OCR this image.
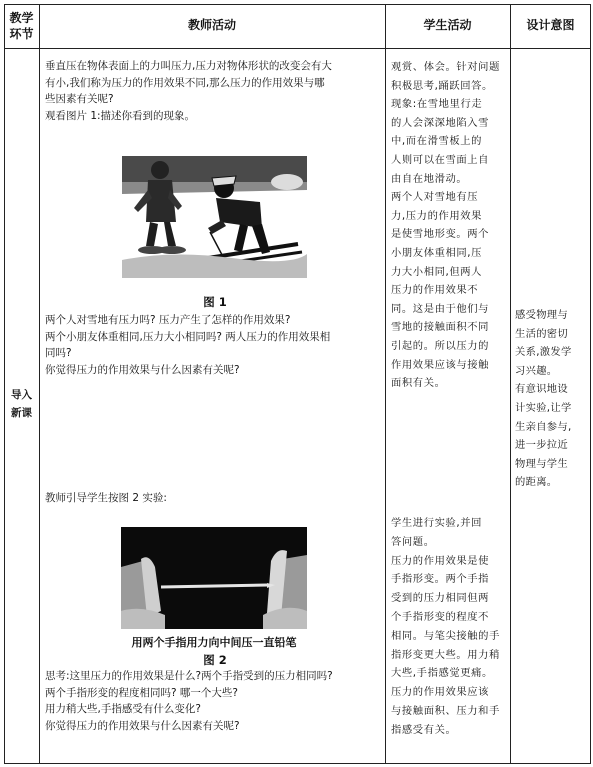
教学
环节
教师活动	学生活动	设计意图
导入
新课
垂直压在物体表面上的力叫压力,压力对物体形状的改变会有大
有小,我们称为压力的作用效果不同,那么压力的作用效果与哪
些因素有关呢?
观看图片 1:描述你看到的现象。
图 1
两个人对雪地有压力吗? 压力产生了怎样的作用效果?
两个小朋友体重相同,压力大小相同吗? 两人压力的作用效果相
同吗?
你觉得压力的作用效果与什么因素有关呢?
教师引导学生按图 2 实验:
用两个手指用力向中间压一直铅笔
图 2
思考:这里压力的作用效果是什么?两个手指受到的压力相同吗?
两个手指形变的程度相同吗? 哪一个大些?
用力稍大些,手指感受有什么变化?
你觉得压力的作用效果与什么因素有关呢?
观赏、体会。针对问题
积极思考,踊跃回答。
现象:在雪地里行走
的人会深深地陷入雪
中,而在滑雪板上的
人则可以在雪面上自
由自在地滑动。
两个人对雪地有压
力,压力的作用效果
是使雪地形变。两个
小朋友体重相同,压
力大小相同,但两人
压力的作用效果不
同。这是由于他们与
雪地的接触面积不同
引起的。所以压力的
作用效果应该与接触
面积有关。
学生进行实验,并回
答问题。
压力的作用效果是使
手指形变。两个手指
受到的压力相同但两
个手指形变的程度不
相同。与笔尖接触的手
指形变更大些。用力稍
大些,手指感觉更痛。
压力的作用效果应该
与接触面积、压力和手
指感受有关。
感受物理与
生活的密切
关系,激发学
习兴趣。
有意识地设
计实验,让学
生亲自参与,
进一步拉近
物理与学生
的距离。
